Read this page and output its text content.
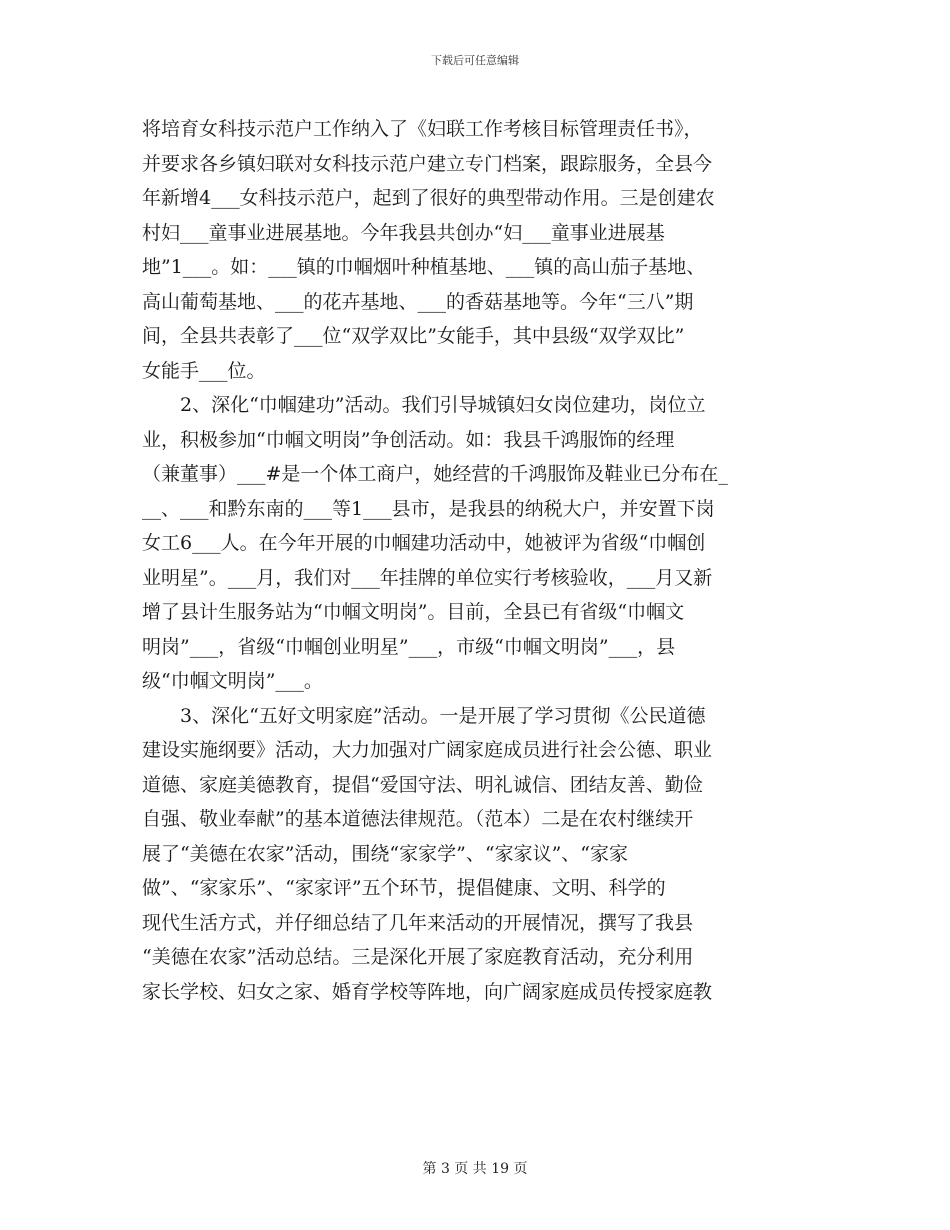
下载后可任意编辑
将培育女科技示范户工作纳入了《妇联工作考核目标管理责任书》，
并要求各乡镇妇联对女科技示范户建立专门档案，跟踪服务，全县今
年新增4___女科技示范户，起到了很好的典型带动作用。三是创建农
村妇___童事业进展基地。今年我县共创办“妇___童事业进展基
地”1___。如：___镇的巾帼烟叶种植基地、___镇的高山茄子基地、
高山葡萄基地、___的花卉基地、___的香菇基地等。今年“三八”期
间，全县共表彰了___位“双学双比”女能手，其中县级“双学双比”
女能手___位。
2、深化“巾帼建功”活动。我们引导城镇妇女岗位建功，岗位立
业，积极参加“巾帼文明岗”争创活动。如：我县千鸿服饰的经理
（兼董事）___#是一个体工商户，她经营的千鸿服饰及鞋业已分布在_
__、___和黔东南的___等1___县市，是我县的纳税大户，并安置下岗
女工6___人。在今年开展的巾帼建功活动中，她被评为省级“巾帼创
业明星”。___月，我们对___年挂牌的单位实行考核验收，___月又新
增了县计生服务站为“巾帼文明岗”。目前，全县已有省级“巾帼文
明岗”___，省级“巾帼创业明星”___，市级“巾帼文明岗”___，县
级“巾帼文明岗”___。
3、深化“五好文明家庭”活动。一是开展了学习贯彻《公民道德
建设实施纲要》活动，大力加强对广阔家庭成员进行社会公德、职业
道德、家庭美德教育，提倡“爱国守法、明礼诚信、团结友善、勤俭
自强、敬业奉献”的基本道德法律规范。（范本）二是在农村继续开
展了“美德在农家”活动，围绕“家家学”、“家家议”、“家家
做”、“家家乐”、“家家评”五个环节，提倡健康、文明、科学的
现代生活方式，并仔细总结了几年来活动的开展情况，撰写了我县
“美德在农家”活动总结。三是深化开展了家庭教育活动，充分利用
家长学校、妇女之家、婚育学校等阵地，向广阔家庭成员传授家庭教
第 3 页 共 19 页
